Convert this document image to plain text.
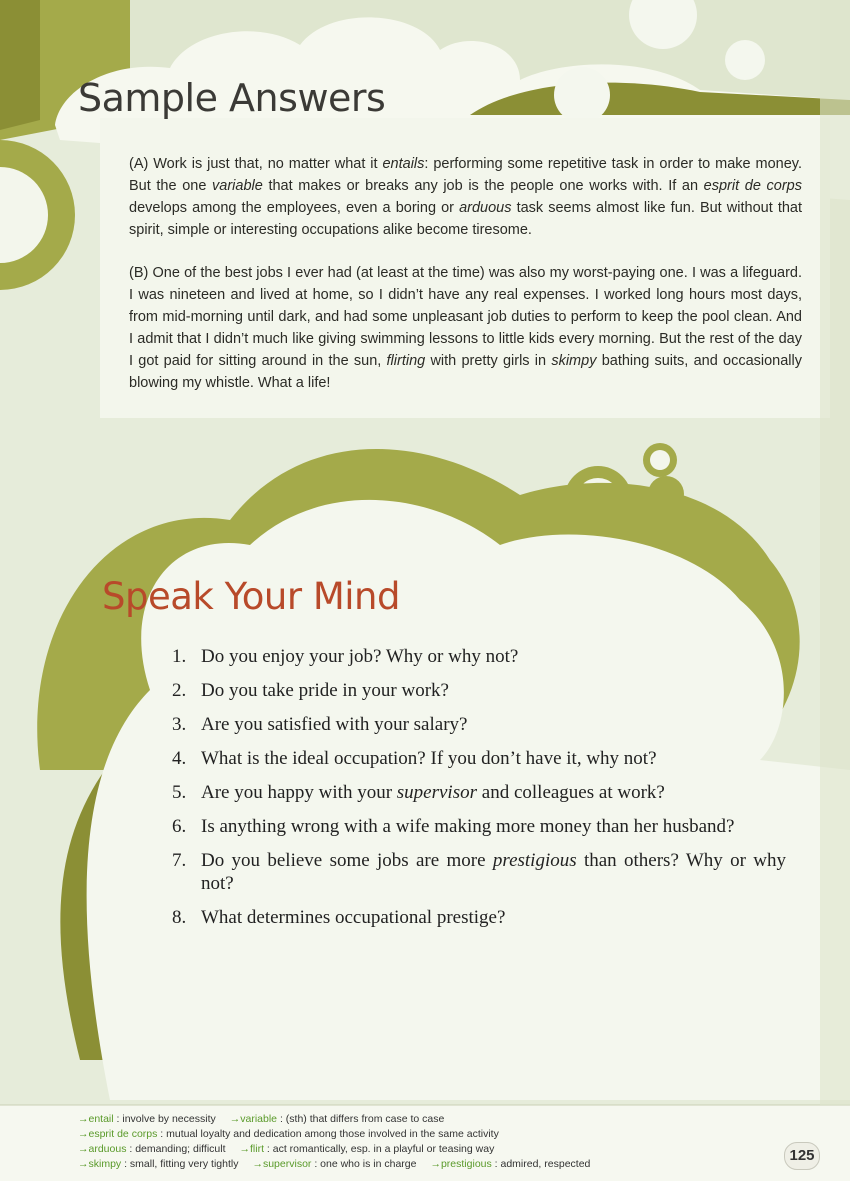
Sample Answers

(A) Work is just that, no matter what it entails: performing some repetitive task in order to make money. But the one variable that makes or breaks any job is the people one works with. If an esprit de corps develops among the employees, even a boring or arduous task seems almost like fun. But without that spirit, simple or interesting occupations alike become tiresome.

(B) One of the best jobs I ever had (at least at the time) was also my worst-paying one. I was a lifeguard. I was nineteen and lived at home, so I didn’t have any real expenses. I worked long hours most days, from mid-morning until dark, and had some unpleasant job duties to perform to keep the pool clean. And I admit that I didn’t much like giving swimming lessons to little kids every morning. But the rest of the day I got paid for sitting around in the sun, flirting with pretty girls in skimpy bathing suits, and occasionally blowing my whistle. What a life!

Speak Your Mind
1. Do you enjoy your job? Why or why not?
2. Do you take pride in your work?
3. Are you satisfied with your salary?
4. What is the ideal occupation? If you don’t have it, why not?
5. Are you happy with your supervisor and colleagues at work?
6. Is anything wrong with a wife making more money than her husband?
7. Do you believe some jobs are more prestigious than others? Why or why not?
8. What determines occupational prestige?
→entail : involve by necessity →variable : (sth) that differs from case to case
→esprit de corps : mutual loyalty and dedication among those involved in the same activity
→arduous : demanding; difficult →flirt : act romantically, esp. in a playful or teasing way
→skimpy : small, fitting very tightly →supervisor : one who is in charge →prestigious : admired, respected	125
